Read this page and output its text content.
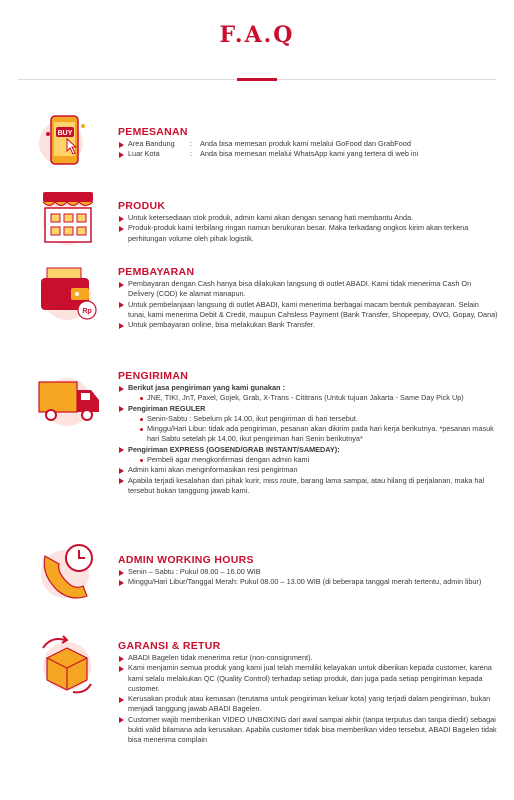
F.A.Q
BUY	PEMESANAN
Area Bandung	:	Anda bisa memesan produk kami melalui GoFood dan GrabFood
Luar Kota	:	Anda bisa memesan melalui WhatsApp kami yang tertera di web ini
PRODUK
Untuk ketersediaan stok produk, admin kami akan dengan senang hati membantu Anda.
Produk-produk kami terbilang ringan namun berukuran besar. Maka terkadang ongkos kirim akan terkena perhitungan volume oleh pihak logistik.
Rp
PEMBAYARAN
Pembayaran dengan Cash hanya bisa dilakukan langsung di outlet ABADI. Kami tidak menerima Cash On Delivery (COD) ke alamat manapun.
Untuk pembelanjaan langsung di outlet ABADI, kami menerima berbagai macam bentuk pembayaran. Selain tunai, kami menerima Debit & Credit, maupun Cahsless Payment (Bank Transfer, Shopeepay, OVO, Gopay, Dana)
Untuk pembayaran online, bisa melakukan Bank Transfer.
PENGIRIMAN
Berikut jasa pengiriman yang kami gunakan :
JNE, TIKI, JnT, Paxel, Gojek, Grab, X-Trans - Cititrans (Untuk tujuan Jakarta - Same Day Pick Up)
Pengiriman REGULER
Senin-Sabtu : Sebelum pk 14.00, ikut pengiriman di hari tersebut.
Minggu/Hari Libur: tidak ada pengiriman, pesanan akan dikirim pada hari kerja berikutnya. *pesanan masuk hari Sabtu setelah pk 14.00, ikut pengiriman hari Senin berikutnya*
Pengiriman EXPRESS (GOSEND/GRAB INSTANT/SAMEDAY):
Pembeli agar mengkonfirmasi dengan admin kami
Admin kami akan menginformasikan resi pengiriman
Apabila terjadi kesalahan dari pihak kurir, miss route, barang lama sampai, atau hilang di perjalanan, maka hal tersebut bukan tanggung jawab kami.
ADMIN WORKING HOURS
Senin – Sabtu : Pukul 08.00 – 16.00 WIB
Minggu/Hari Libur/Tanggal Merah: Pukul 08.00 – 13.00 WIB (di beberapa tanggal merah tertentu, admin libur)
GARANSI & RETUR
ABADI Bagelen tidak menerima retur (non-consignment).
Kami menjamin semua produk yang kami jual telah memiliki kelayakan untuk diberikan kepada customer, karena kami selalu melakukan QC (Quality Control) terhadap setiap produk, dan juga pada setiap pengiriman kepada customer.
Kerusakan produk atau kemasan (terutama untuk pengiriman keluar kota) yang terjadi dalam pengiriman, bukan menjadi tanggung jawab ABADI Bagelen.
Customer wajib memberikan VIDEO UNBOXING dari awal sampai akhir (tanpa terputus dan tanpa diedit) sebagai bukti valid bilamana ada kerusakan. Apabila customer tidak bisa memberikan video tersebut, ABADI Bagelen tidak bisa menerima complain
